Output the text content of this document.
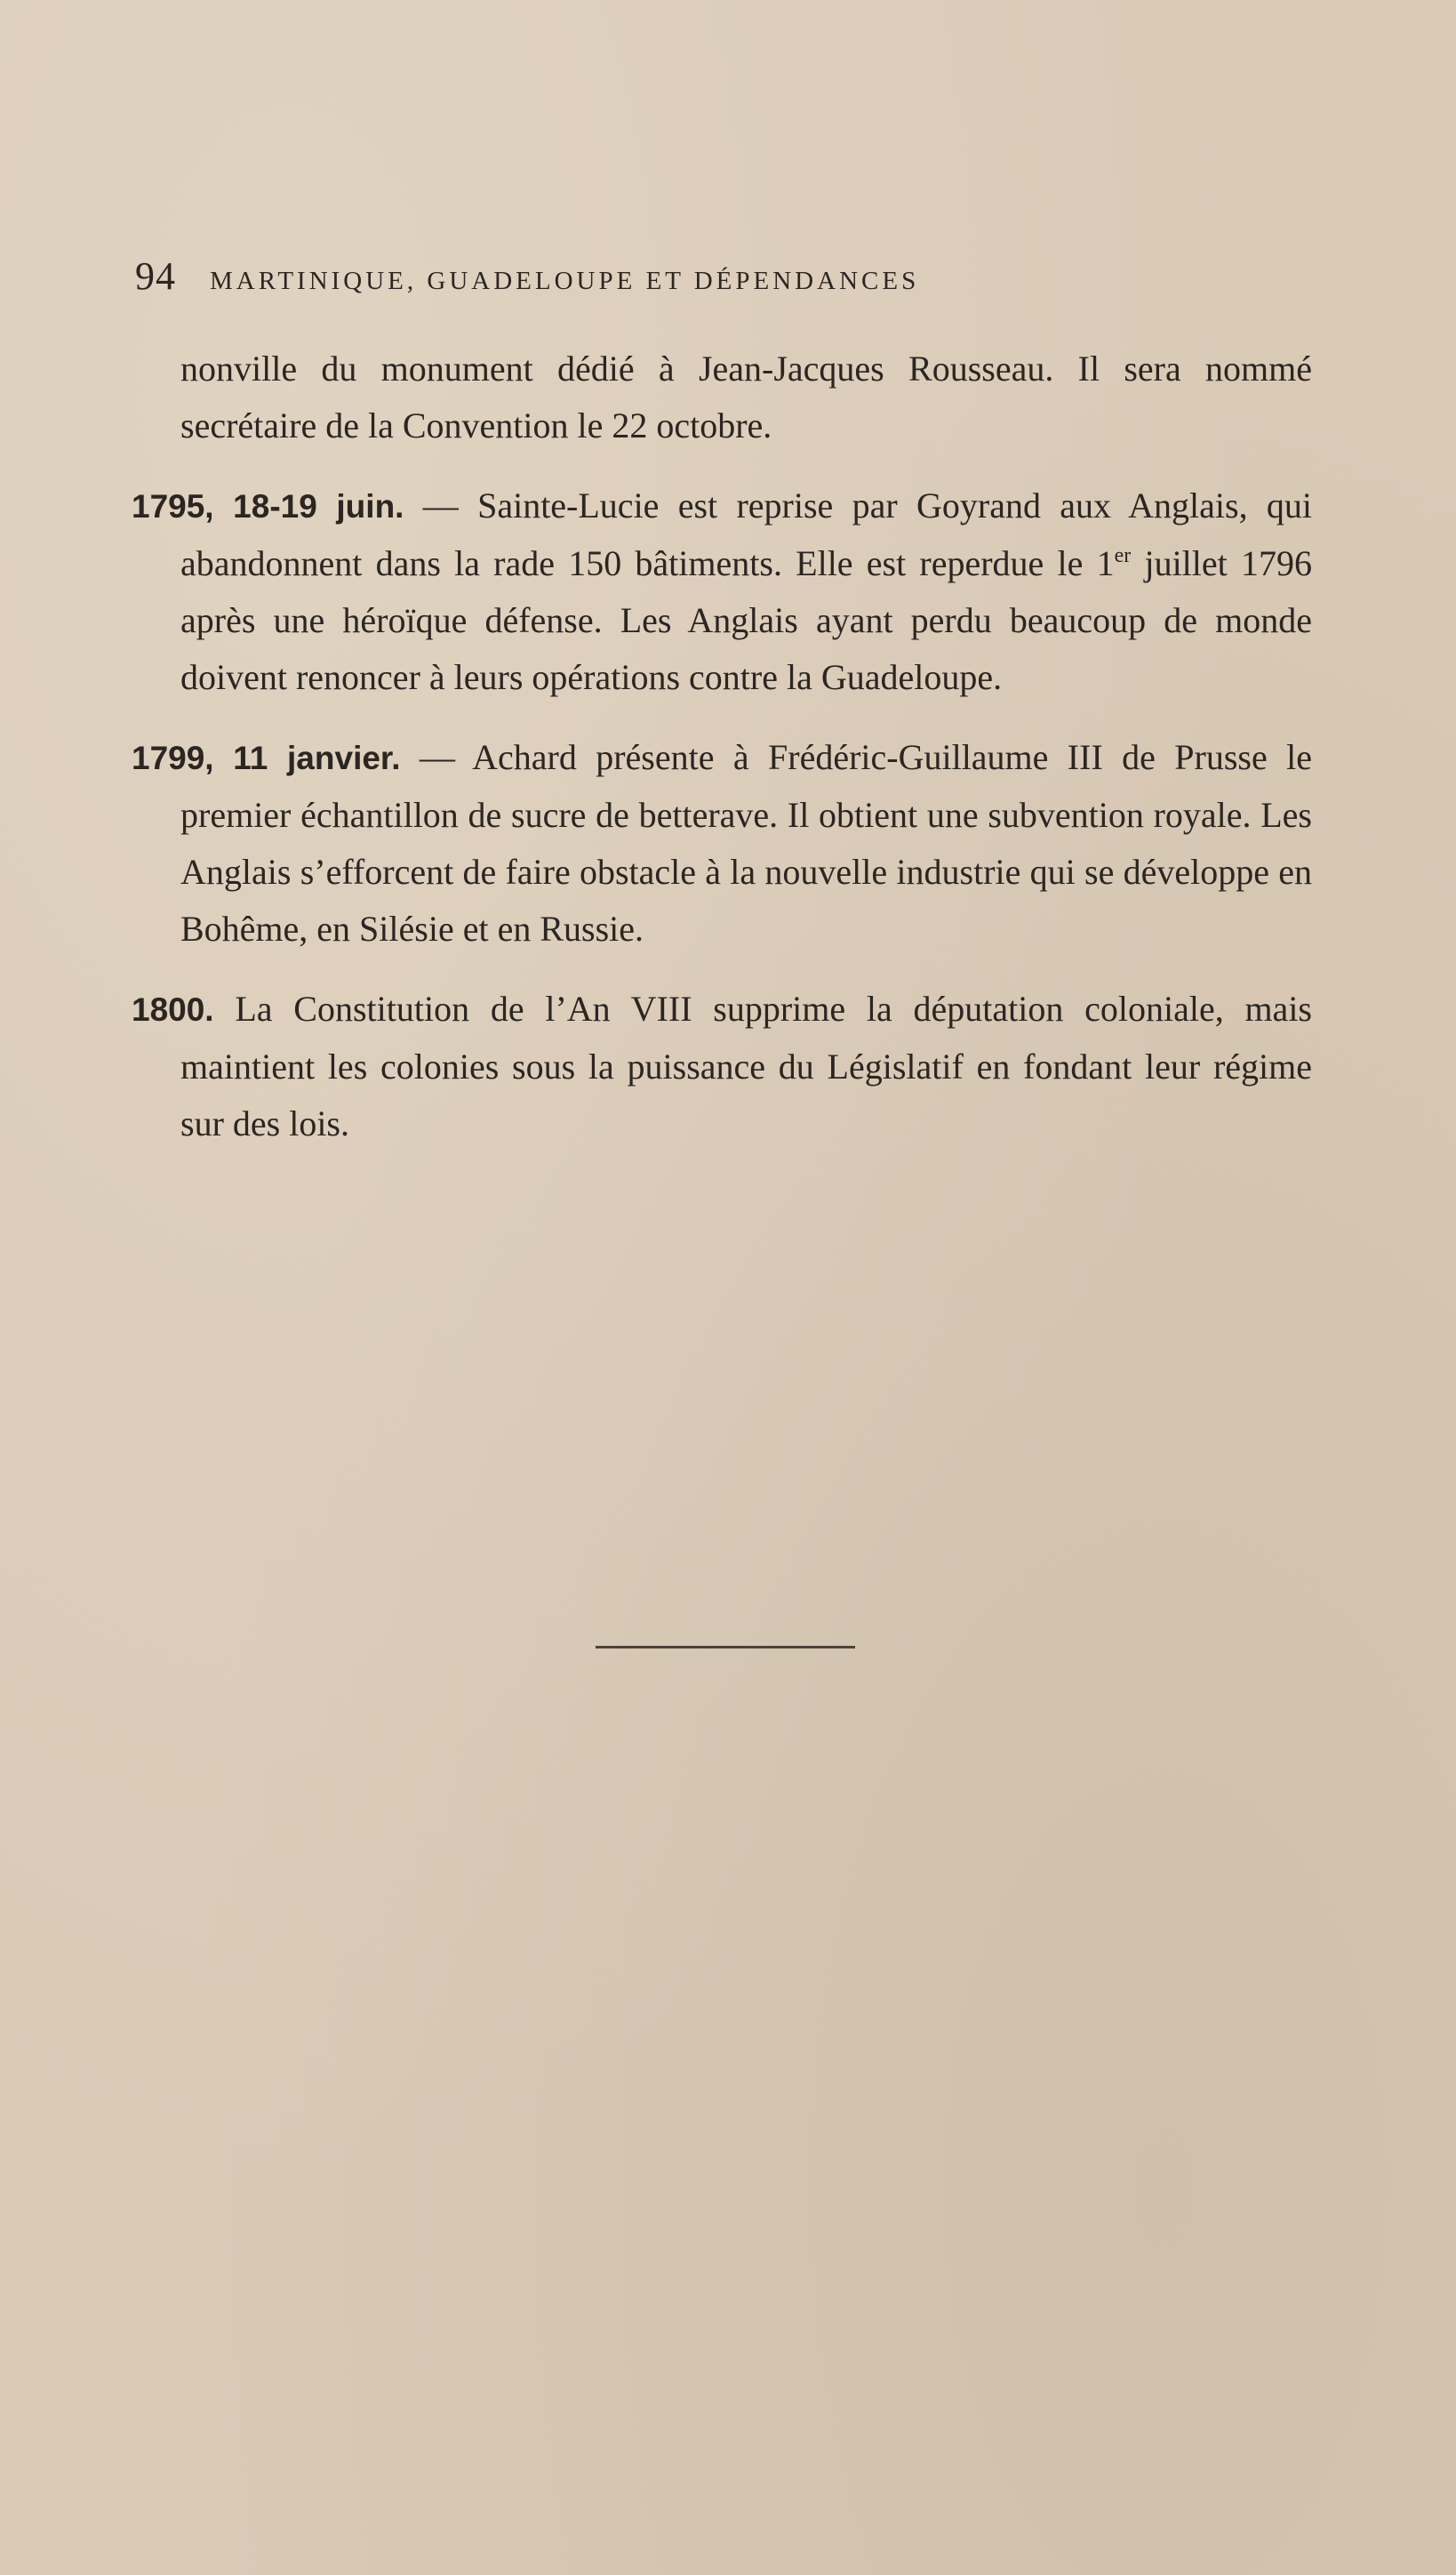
94 MARTINIQUE, GUADELOUPE ET DÉPENDANCES

nonville du monument dédié à Jean-Jacques Rousseau. Il sera nommé secrétaire de la Convention le 22 octobre.

1795, 18-19 juin. — Sainte-Lucie est reprise par Goyrand aux Anglais, qui abandonnent dans la rade 150 bâtiments. Elle est reperdue le 1er juillet 1796 après une héroïque défense. Les Anglais ayant perdu beaucoup de monde doivent renoncer à leurs opérations contre la Guadeloupe.

1799, 11 janvier. — Achard présente à Frédéric-Guillaume III de Prusse le premier échantillon de sucre de betterave. Il obtient une subvention royale. Les Anglais s’efforcent de faire obstacle à la nouvelle industrie qui se développe en Bohême, en Silésie et en Russie.

1800. La Constitution de l’An VIII supprime la députation coloniale, mais maintient les colonies sous la puissance du Législatif en fondant leur régime sur des lois.
